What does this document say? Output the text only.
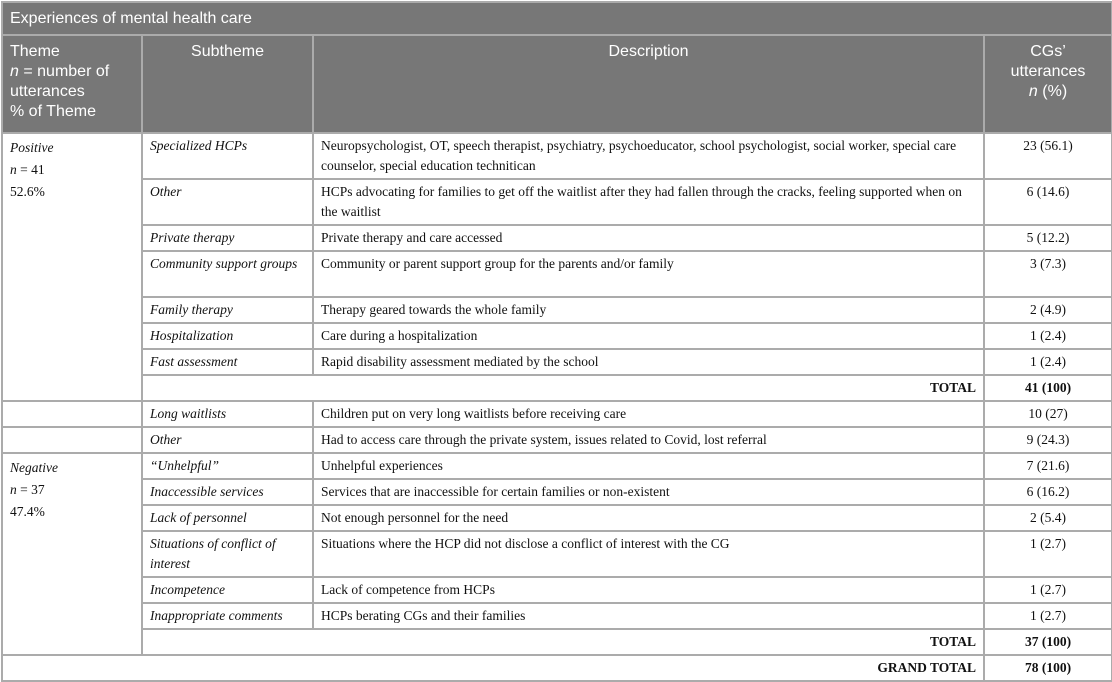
Experiences of mental health care			

Theme
n = number of
utterances
% of Theme
	Subtheme	Description	CGs’
utterances
n (%)

Positive
n = 41
52.6%	Specialized HCPs	Neuropsychologist, OT, speech therapist, psychiatry, psychoeducator, school psychologist, social worker, special care counselor, special education technitican	23 (56.1)
	Other	HCPs advocating for families to get off the waitlist after they had fallen through the cracks, feeling supported when on the waitlist	6 (14.6)
	Private therapy	Private therapy and care accessed	5 (12.2)
	Community support groups	Community or parent support group for the parents and/or family	3 (7.3)
	Family therapy	Therapy geared towards the whole family	2 (4.9)
	Hospitalization	Care during a hospitalization	1 (2.4)
	Fast assessment	Rapid disability assessment mediated by the school	1 (2.4)
	TOTAL		41 (100)
	Long waitlists	Children put on very long waitlists before receiving care	10 (27)
	Other	Had to access care through the private system, issues related to Covid, lost referral	9 (24.3)

Negative
n = 37
47.4%	“Unhelpful”	Unhelpful experiences	7 (21.6)
	Inaccessible services	Services that are inaccessible for certain families or non-existent	6 (16.2)
	Lack of personnel	Not enough personnel for the need	2 (5.4)
	Situations of conflict of interest	Situations where the HCP did not disclose a conflict of interest with the CG	1 (2.7)
	Incompetence	Lack of competence from HCPs	1 (2.7)
	Inappropriate comments	HCPs berating CGs and their families	1 (2.7)
	TOTAL		37 (100)
GRAND TOTAL			78 (100)
